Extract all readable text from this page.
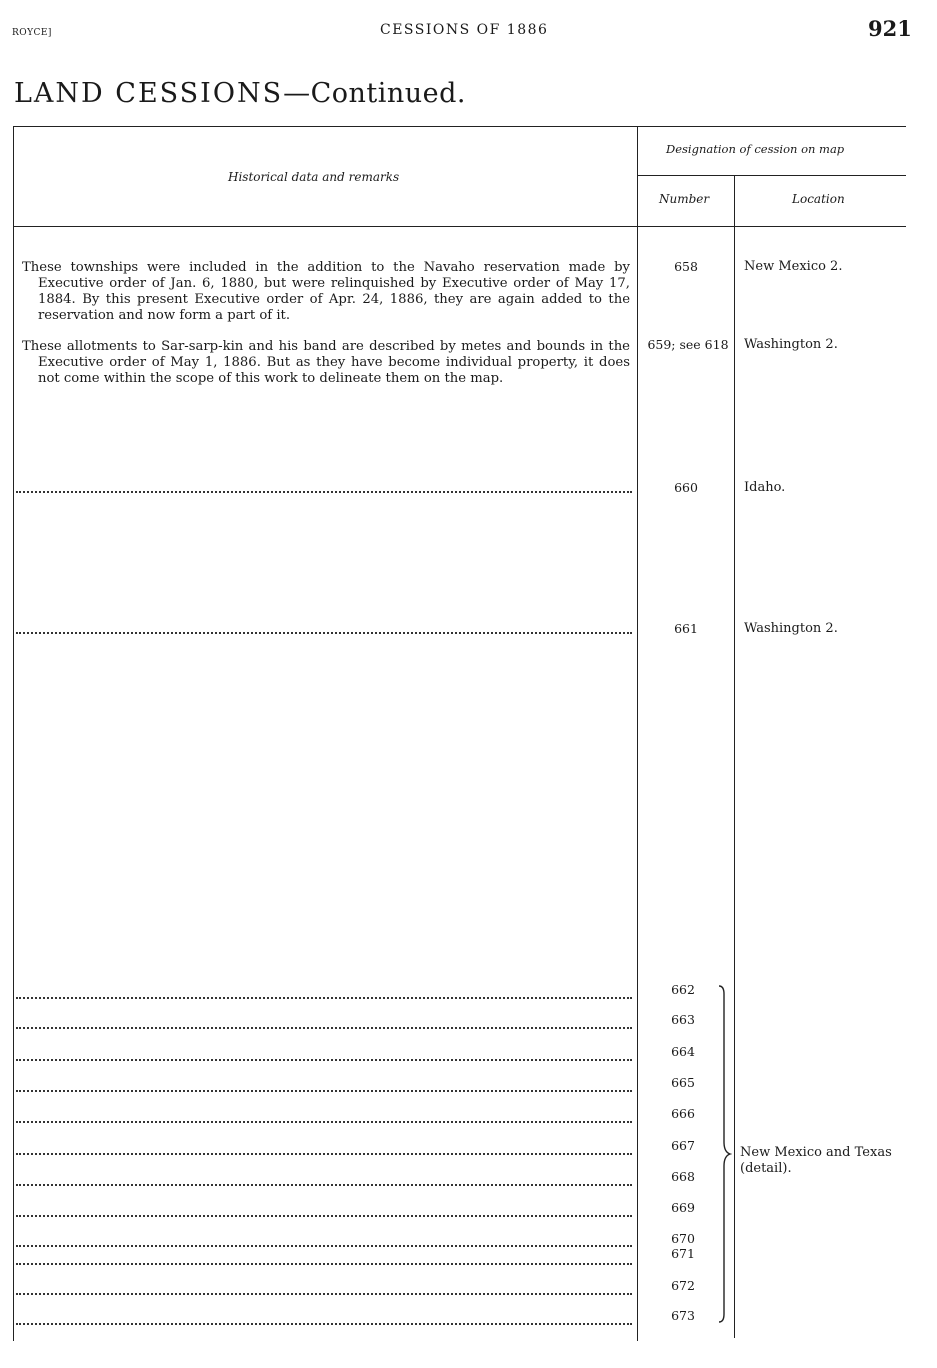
ROYCE]	CESSIONS OF 1886	921
LAND CESSIONS—Continued.
Historical data and remarks
Designation of cession on map
Number	Location
These townships were included in the addition to the Navaho reservation made by Executive order of Jan. 6, 1880, but were relinquished by Executive order of May 17, 1884. By this present Executive order of Apr. 24, 1886, they are again added to the reservation and now form a part of it.
658	New Mexico 2.
These allotments to Sar-sarp-kin and his band are described by metes and bounds in the Executive order of May 1, 1886. But as they have become individual property, it does not come within the scope of this work to delineate them on the map.
659; see 618	Washington 2.
660	Idaho.
661	Washington 2.
662
663
664
665
666
667
668
669
670
671
672
673
New Mexico and Texas (detail).
